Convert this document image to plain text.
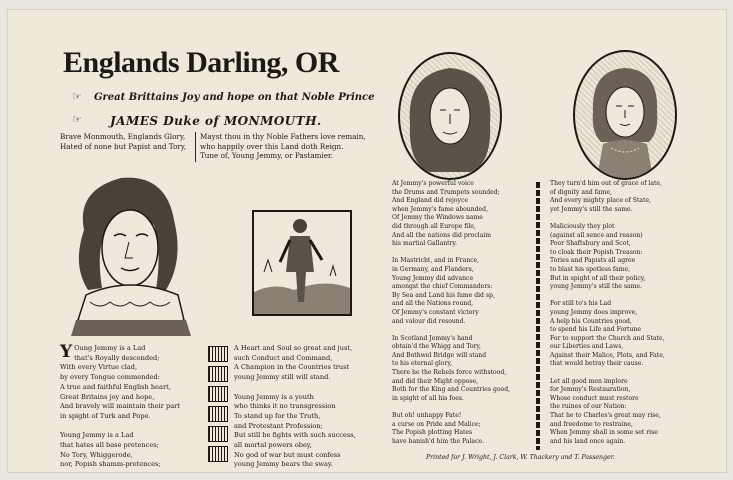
Englands Darling, OR
Great Brittains Joy and hope on that Noble Prince
JAMES Duke of MONMOUTH.
☞
☞
Brave Monmouth, Englands Glory,
Hated of none but Papist and Tory,
Mayst thou in thy Noble Fathers love remain,
who happily over this Land doth Reign.
Tune of, Young Jemmy, or Pastamier.
Y Oung Jemmy is a Lad
that's Royally descended;
With every Virtue clad,
by every Tongue commended:
A true and faithful English heart,
Great Britains joy and hope,
And bravely will maintain their part
in spight of Turk and Pope.

Young Jemmy is a Lad
that hates all base pretences;
No Tory, Whiggerode,
nor, Popish shamm-pretences;
A Heart and Soul so great and just,
such Conduct and Command,
A Champion in the Countries trust
young Jemmy still will stand.

Young Jemmy is a youth
who thinks it no transgression
To stand up for the Truth,
and Protestant Profession;
But still he fights with such success,
all mortal powers obey,
No god of war but must confess
young Jemmy bears the sway.
At Jemmy's powerful voice
the Drums and Trumpets sounded;
And England did rejoyce
when Jemmy's fame abounded,
Of Jemmy the Windows name
did through all Europe file,
And all the nations did proclaim
his martial Gallantry.

In Mastricht, and in France,
in Germany, and Flanders,
Young Jemmy did advance
amongst the chief Commanders:
By Sea and Land his fame did sp,
and all the Nations round,
Of Jemmy's constant victory
and valour did resound.

In Scotland Jemmy's hand
obtain'd the Whigg and Tory,
And Bothwel Bridge will stand
to his eternal glory,
There he the Rebels force withstood,
and did their Might oppose,
Both for the King and Countries good,
in spight of all his foes.

But oh! unhappy Fate!
a curse on Pride and Malice;
The Popish plotting Hates
have banish'd him the Palace.
They turn'd him out of grace of late,
of dignity and fame,
And every mighty place of State,
yet Jemmy's still the same.

Maliciously they plot
(against all sence and reason)
Poor Shaftsbury and Scot,
to cloak their Popish Treason:
Tories and Papists all agree
to blast his spotless fame,
But in spight of all their policy,
young Jemmy's still the same.

For still to's his Lad
young Jemmy does improve,
A help his Countries good,
to spend his Life and Fortune
For to support the Church and State,
our Liberties and Laws,
Against their Malice, Plots, and Fate,
that would betray their cause.

Let all good men implore
for Jemmy's Restauration,
Whose conduct must restore
the ruines of our Nation:
That he to Charles's great may rise,
and freedome to restraine,
When Jemmy shall in some set rise
and his land once again.
Printed for J. Wright, J. Clark, W. Thackery and T. Passenger.
